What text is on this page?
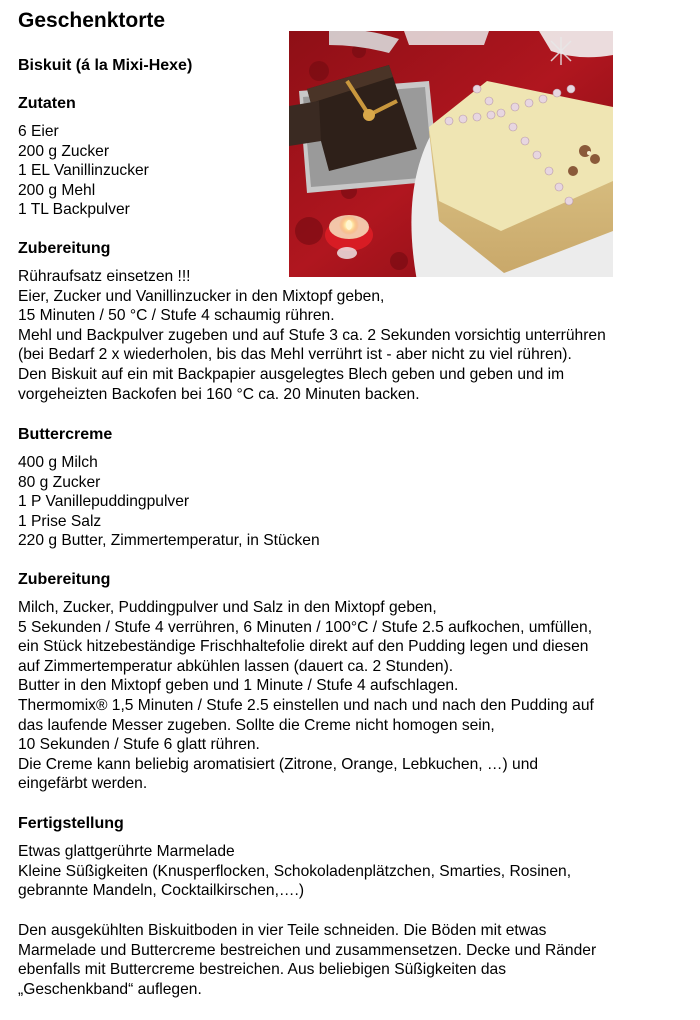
Geschenktorte
Biskuit (á la Mixi-Hexe)
Zutaten
6 Eier
200 g Zucker
1 EL Vanillinzucker
200 g Mehl
1 TL Backpulver
Zubereitung
Rühraufsatz einsetzen !!!
Eier, Zucker und Vanillinzucker in den Mixtopf geben,
15 Minuten / 50 °C / Stufe 4 schaumig rühren.
Mehl und Backpulver zugeben und auf Stufe 3 ca. 2 Sekunden vorsichtig unterrühren
(bei Bedarf 2 x wiederholen, bis das Mehl verrührt ist - aber nicht zu viel rühren).
Den Biskuit auf ein mit Backpapier ausgelegtes Blech geben und geben und im
vorgeheizten Backofen bei 160 °C ca. 20 Minuten backen.
Buttercreme
400 g Milch
80 g Zucker
1 P Vanillepuddingpulver
1 Prise Salz
220 g Butter, Zimmertemperatur, in Stücken
Zubereitung
Milch, Zucker, Puddingpulver und Salz in den Mixtopf geben,
5 Sekunden / Stufe 4 verrühren, 6 Minuten / 100°C / Stufe 2.5 aufkochen, umfüllen,
ein Stück hitzebeständige Frischhaltefolie direkt auf den Pudding legen und diesen
auf Zimmertemperatur abkühlen lassen (dauert ca. 2 Stunden).
Butter in den Mixtopf geben und 1 Minute / Stufe 4 aufschlagen.
Thermomix® 1,5 Minuten / Stufe 2.5 einstellen und nach und nach den Pudding auf
das laufende Messer zugeben. Sollte die Creme nicht homogen sein,
10 Sekunden / Stufe 6 glatt rühren.
Die Creme kann beliebig aromatisiert (Zitrone, Orange, Lebkuchen, …) und
eingefärbt werden.
Fertigstellung
Etwas glattgerührte Marmelade
Kleine Süßigkeiten (Knusperflocken, Schokoladenplätzchen, Smarties, Rosinen,
gebrannte Mandeln, Cocktailkirschen,….)
Den ausgekühlten Biskuitboden in vier Teile schneiden. Die Böden mit etwas
Marmelade und Buttercreme bestreichen und zusammensetzen. Decke und Ränder
ebenfalls mit Buttercreme bestreichen. Aus beliebigen Süßigkeiten das
„Geschenkband“ auflegen.
